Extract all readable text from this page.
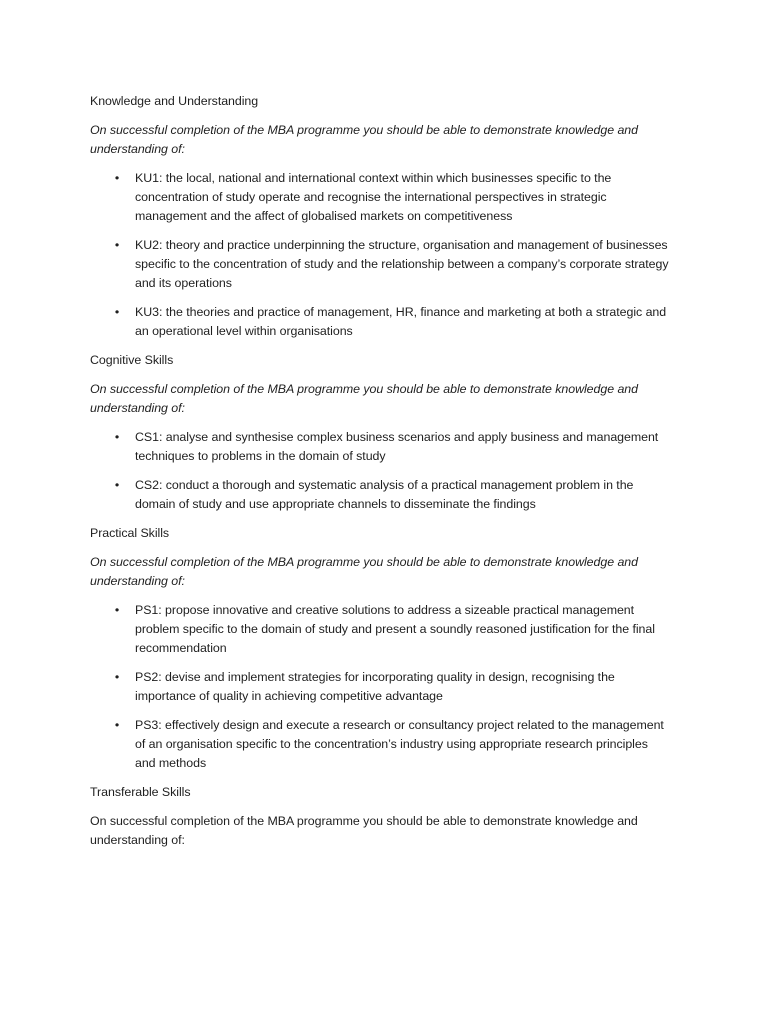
Knowledge and Understanding

On successful completion of the MBA programme you should be able to demonstrate knowledge and understanding of:

• KU1: the local, national and international context within which businesses specific to the concentration of study operate and recognise the international perspectives in strategic management and the affect of globalised markets on competitiveness
• KU2: theory and practice underpinning the structure, organisation and management of businesses specific to the concentration of study and the relationship between a company’s corporate strategy and its operations
• KU3: the theories and practice of management, HR, finance and marketing at both a strategic and an operational level within organisations

Cognitive Skills

On successful completion of the MBA programme you should be able to demonstrate knowledge and understanding of:

• CS1: analyse and synthesise complex business scenarios and apply business and management techniques to problems in the domain of study
• CS2: conduct a thorough and systematic analysis of a practical management problem in the domain of study and use appropriate channels to disseminate the findings

Practical Skills

On successful completion of the MBA programme you should be able to demonstrate knowledge and understanding of:

• PS1: propose innovative and creative solutions to address a sizeable practical management problem specific to the domain of study and present a soundly reasoned justification for the final recommendation
• PS2: devise and implement strategies for incorporating quality in design, recognising the importance of quality in achieving competitive advantage
• PS3: effectively design and execute a research or consultancy project related to the management of an organisation specific to the concentration’s industry using appropriate research principles and methods

Transferable Skills

On successful completion of the MBA programme you should be able to demonstrate knowledge and understanding of:
